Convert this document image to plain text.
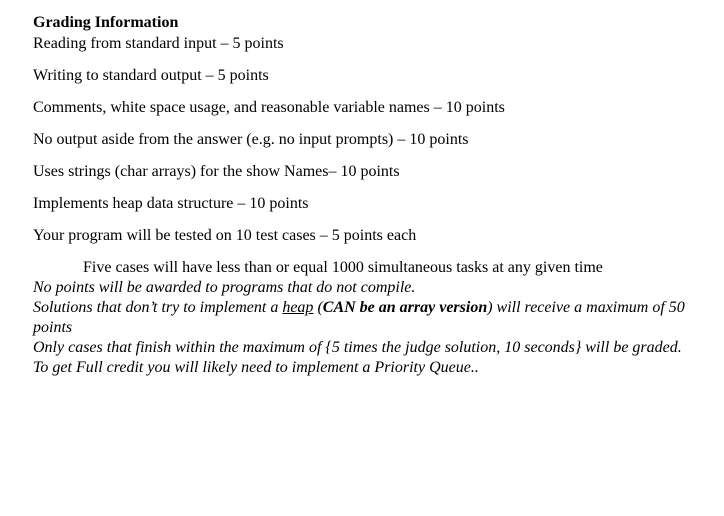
Grading Information

Reading from standard input – 5 points

Writing to standard output – 5 points

Comments, white space usage, and reasonable variable names – 10 points

No output aside from the answer (e.g. no input prompts) – 10 points

Uses strings (char arrays) for the show Names– 10 points

Implements heap data structure – 10 points

Your program will be tested on 10 test cases – 5 points each

Five cases will have less than or equal 1000 simultaneous tasks at any given time

No points will be awarded to programs that do not compile.

Solutions that don’t try to implement a heap (CAN be an array version) will receive a maximum of 50 points

Only cases that finish within the maximum of {5 times the judge solution, 10 seconds} will be graded.

To get Full credit you will likely need to implement a Priority Queue..
